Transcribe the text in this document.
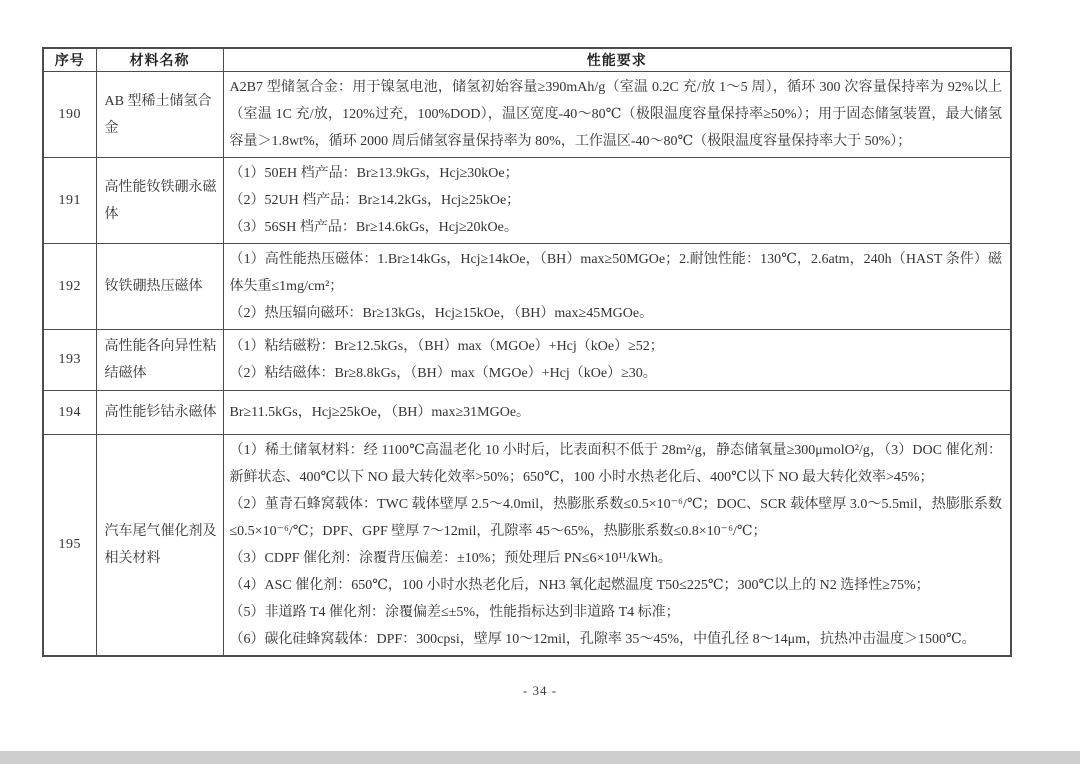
序号	材料名称	性能要求
190	AB 型稀土储氢合金	A2B7 型储氢合金：用于镍氢电池，储氢初始容量≥390mAh/g（室温 0.2C 充/放 1～5 周），循环 300 次容量保持率为 92%以上（室温 1C 充/放，120%过充，100%DOD），温区宽度-40～80℃（极限温度容量保持率≥50%）；用于固态储氢装置，最大储氢容量＞1.8wt%，循环 2000 周后储氢容量保持率为 80%，工作温区-40～80℃（极限温度容量保持率大于 50%）；

191	高性能钕铁硼永磁体	（1）50EH 档产品：Br≥13.9kGs，Hcj≥30kOe；

（2）52UH 档产品：Br≥14.2kGs，Hcj≥25kOe；

（3）56SH 档产品：Br≥14.6kGs，Hcj≥20kOe。

192	钕铁硼热压磁体	（1）高性能热压磁体：1.Br≥14kGs，Hcj≥14kOe，（BH）max≥50MGOe；2.耐蚀性能：130℃，2.6atm，240h（HAST 条件）磁体失重≤1mg/cm²；

（2）热压辐向磁环：Br≥13kGs，Hcj≥15kOe，（BH）max≥45MGOe。

193	高性能各向异性粘结磁体	（1）粘结磁粉：Br≥12.5kGs，（BH）max（MGOe）+Hcj（kOe）≥52；

（2）粘结磁体：Br≥8.8kGs，（BH）max（MGOe）+Hcj（kOe）≥30。

194	高性能钐钴永磁体	Br≥11.5kGs，Hcj≥25kOe，（BH）max≥31MGOe。

195	汽车尾气催化剂及相关材料	

（1）稀土储氧材料：经 1100℃高温老化 10 小时后，比表面积不低于 28m²/g，静态储氧量≥300μmolO²/g，（3）DOC 催化剂：新鲜状态、400℃以下 NO 最大转化效率>50%；650℃，100 小时水热老化后、400℃以下 NO 最大转化效率>45%；

（2）堇青石蜂窝载体：TWC 载体壁厚 2.5～4.0mil，热膨胀系数≤0.5×10⁻⁶/℃；DOC、SCR 载体壁厚 3.0～5.5mil，热膨胀系数≤0.5×10⁻⁶/℃；DPF、GPF 壁厚 7～12mil，孔隙率 45～65%，热膨胀系数≤0.8×10⁻⁶/℃；

（3）CDPF 催化剂：涂覆背压偏差：±10%；预处理后 PN≤6×10¹¹/kWh。

（4）ASC 催化剂：650℃，100 小时水热老化后，NH3 氧化起燃温度 T50≤225℃；300℃以上的 N2 选择性≥75%；

（5）非道路 T4 催化剂：涂覆偏差≤±5%，性能指标达到非道路 T4 标准；

（6）碳化硅蜂窝载体：DPF：300cpsi，壁厚 10～12mil，孔隙率 35～45%，中值孔径 8～14μm，抗热冲击温度＞1500℃。

- 34 -
